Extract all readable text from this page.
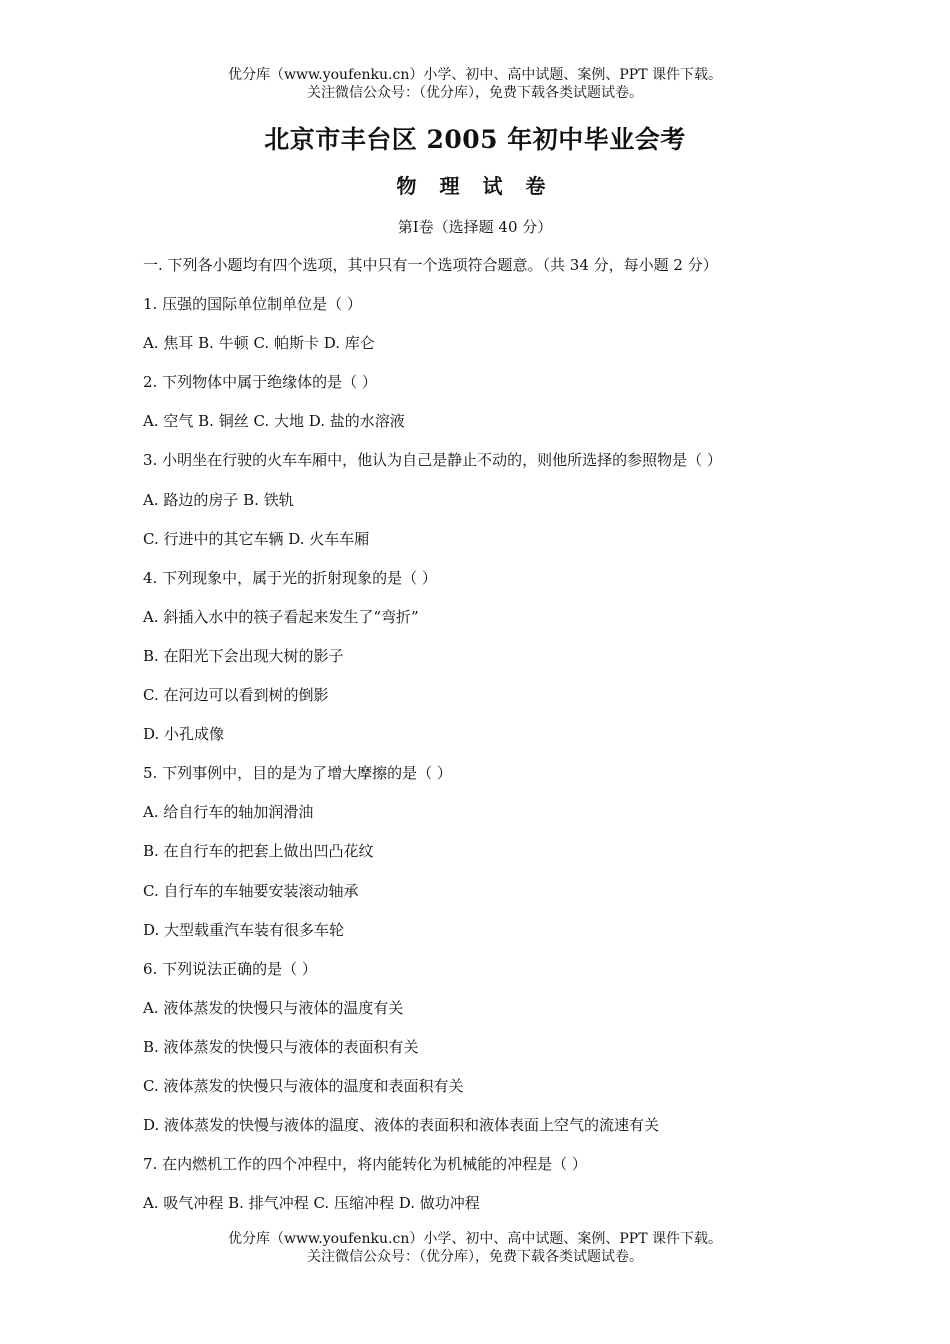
优分库（www.youfenku.cn）小学、初中、高中试题、案例、PPT 课件下载。
关注微信公众号：（优分库），免费下载各类试题试卷。
北京市丰台区 2005 年初中毕业会考
物 理 试 卷
第Ⅰ卷（选择题 40 分）
一. 下列各小题均有四个选项，其中只有一个选项符合题意。（共 34 分，每小题 2 分）
1. 压强的国际单位制单位是（ ）
A. 焦耳 B. 牛顿 C. 帕斯卡 D. 库仑
2. 下列物体中属于绝缘体的是（ ）
A. 空气 B. 铜丝 C. 大地 D. 盐的水溶液
3. 小明坐在行驶的火车车厢中，他认为自己是静止不动的，则他所选择的参照物是（ ）
A. 路边的房子 B. 铁轨
C. 行进中的其它车辆 D. 火车车厢
4. 下列现象中，属于光的折射现象的是（ ）
A. 斜插入水中的筷子看起来发生了“弯折”
B. 在阳光下会出现大树的影子
C. 在河边可以看到树的倒影
D. 小孔成像
5. 下列事例中，目的是为了增大摩擦的是（ ）
A. 给自行车的轴加润滑油
B. 在自行车的把套上做出凹凸花纹
C. 自行车的车轴要安装滚动轴承
D. 大型载重汽车装有很多车轮
6. 下列说法正确的是（ ）
A. 液体蒸发的快慢只与液体的温度有关
B. 液体蒸发的快慢只与液体的表面积有关
C. 液体蒸发的快慢只与液体的温度和表面积有关
D. 液体蒸发的快慢与液体的温度、液体的表面积和液体表面上空气的流速有关
7. 在内燃机工作的四个冲程中，将内能转化为机械能的冲程是（ ）
A. 吸气冲程 B. 排气冲程 C. 压缩冲程 D. 做功冲程
优分库（www.youfenku.cn）小学、初中、高中试题、案例、PPT 课件下载。
关注微信公众号：（优分库），免费下载各类试题试卷。
